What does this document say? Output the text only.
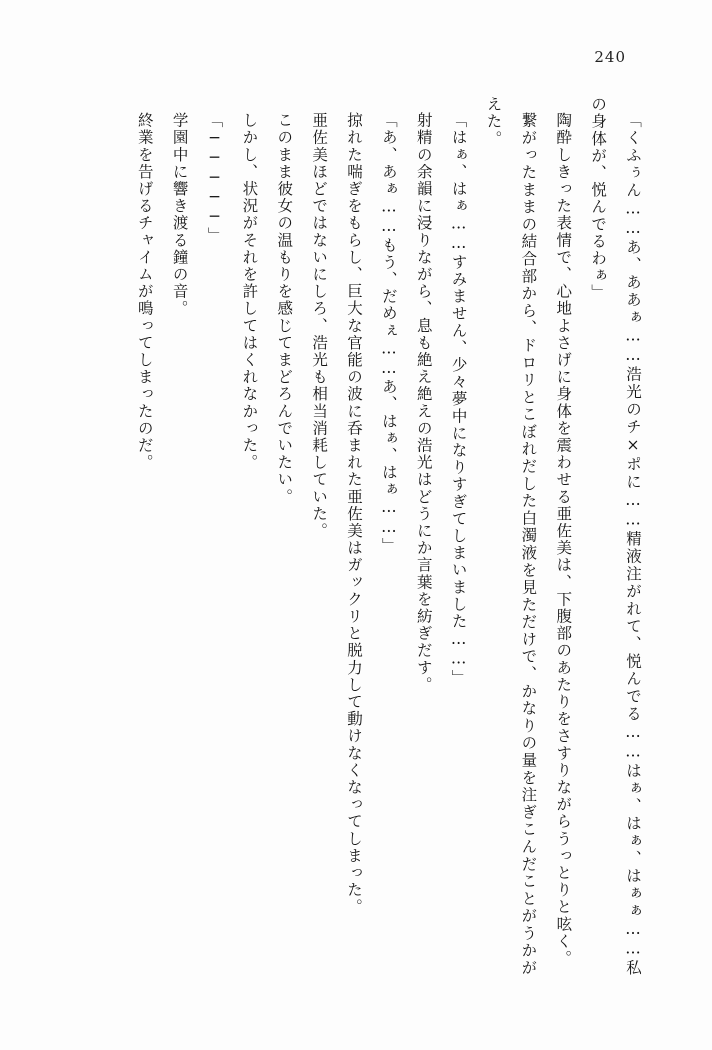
240

「くふぅん……あ、ああぁ……浩光のチ×ポに……精液注がれて、悦んでる……はぁ、はぁ、はぁぁ……私の身体が、悦んでるわぁ」

陶酔しきった表情で、心地よさげに身体を震わせる亜佐美は、下腹部のあたりをさすりながらうっとりと呟く。

繋がったままの結合部から、ドロリとこぼれだした白濁液を見ただけで、かなりの量を注ぎこんだことがうかがえた。

「はぁ、はぁ……すみません、少々夢中になりすぎてしまいました……」

射精の余韻に浸りながら、息も絶え絶えの浩光はどうにか言葉を紡ぎだす。

「あ、あぁ……もう、だめぇ……あ、はぁ、はぁ……」

掠れた喘ぎをもらし、巨大な官能の波に呑まれた亜佐美はガックリと脱力して動けなくなってしまった。

亜佐美ほどではないにしろ、浩光も相当消耗していた。

このまま彼女の温もりを感じてまどろんでいたい。

しかし、状況がそれを許してはくれなかった。

「─────」

学園中に響き渡る鐘の音。

終業を告げるチャイムが鳴ってしまったのだ。
